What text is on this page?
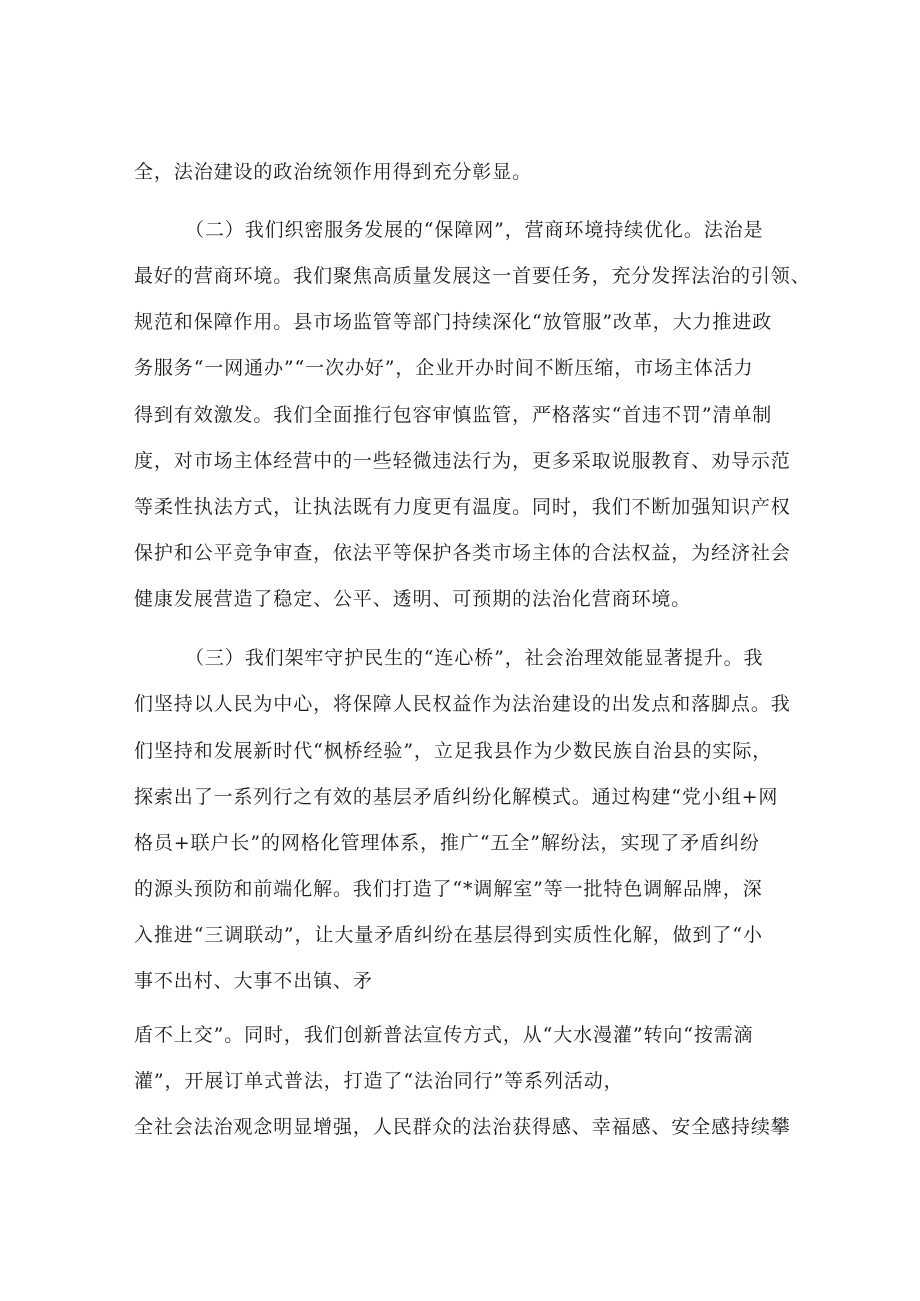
全，法治建设的政治统领作用得到充分彰显。
（二）我们织密服务发展的“保障网”，营商环境持续优化。法治是
最好的营商环境。我们聚焦高质量发展这一首要任务，充分发挥法治的引领、
规范和保障作用。县市场监管等部门持续深化“放管服”改革，大力推进政
务服务“一网通办”“一次办好”，企业开办时间不断压缩，市场主体活力
得到有效激发。我们全面推行包容审慎监管，严格落实“首违不罚”清单制
度，对市场主体经营中的一些轻微违法行为，更多采取说服教育、劝导示范
等柔性执法方式，让执法既有力度更有温度。同时，我们不断加强知识产权
保护和公平竞争审查，依法平等保护各类市场主体的合法权益，为经济社会
健康发展营造了稳定、公平、透明、可预期的法治化营商环境。
（三）我们架牢守护民生的“连心桥”，社会治理效能显著提升。我
们坚持以人民为中心，将保障人民权益作为法治建设的出发点和落脚点。我
们坚持和发展新时代“枫桥经验”，立足我县作为少数民族自治县的实际，
探索出了一系列行之有效的基层矛盾纠纷化解模式。通过构建“党小组+网
格员+联户长”的网格化管理体系，推广“五全”解纷法，实现了矛盾纠纷
的源头预防和前端化解。我们打造了“*调解室”等一批特色调解品牌，深
入推进“三调联动”，让大量矛盾纠纷在基层得到实质性化解，做到了“小
事不出村、大事不出镇、矛
盾不上交”。同时，我们创新普法宣传方式，从“大水漫灌”转向“按需滴
灌”，开展订单式普法，打造了“法治同行”等系列活动，
全社会法治观念明显增强，人民群众的法治获得感、幸福感、安全感持续攀
